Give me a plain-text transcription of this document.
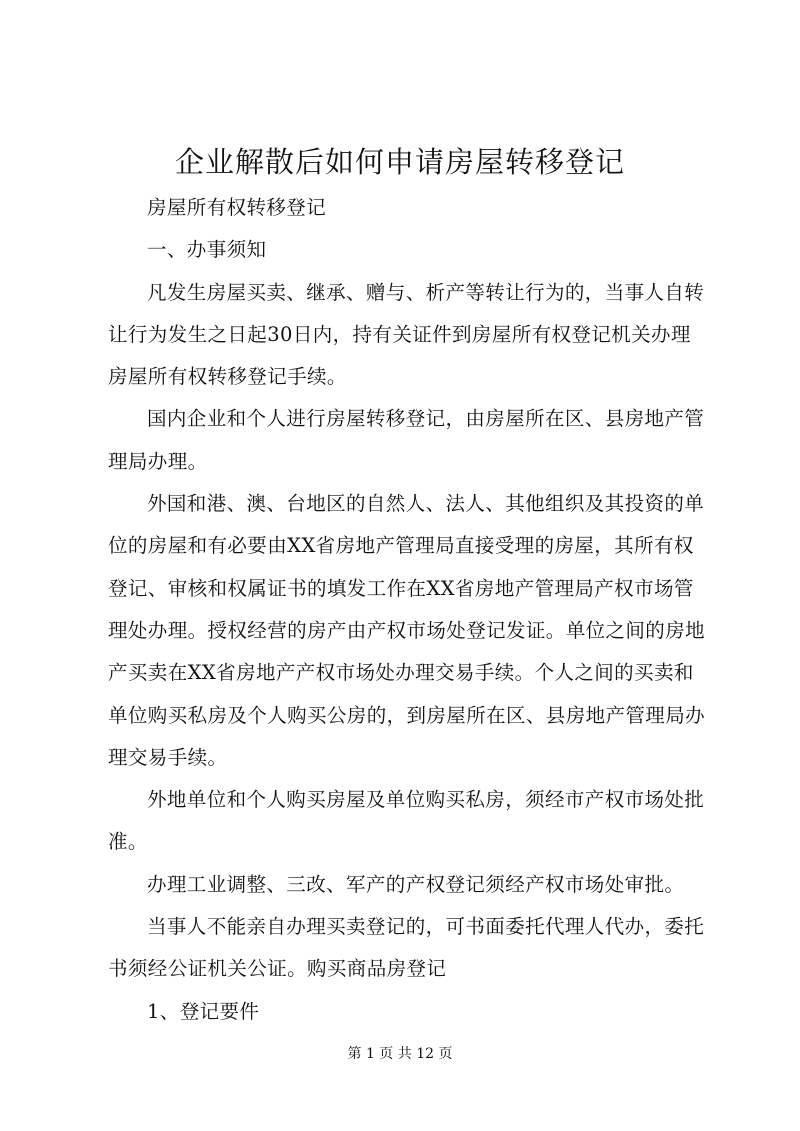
企业解散后如何申请房屋转移登记

房屋所有权转移登记

一、办事须知

凡发生房屋买卖、继承、赠与、析产等转让行为的，当事人自转让行为发生之日起30日内，持有关证件到房屋所有权登记机关办理房屋所有权转移登记手续。

国内企业和个人进行房屋转移登记，由房屋所在区、县房地产管理局办理。

外国和港、澳、台地区的自然人、法人、其他组织及其投资的单位的房屋和有必要由XX省房地产管理局直接受理的房屋，其所有权登记、审核和权属证书的填发工作在XX省房地产管理局产权市场管理处办理。授权经营的房产由产权市场处登记发证。单位之间的房地产买卖在XX省房地产产权市场处办理交易手续。个人之间的买卖和单位购买私房及个人购买公房的，到房屋所在区、县房地产管理局办理交易手续。

外地单位和个人购买房屋及单位购买私房，须经市产权市场处批准。

办理工业调整、三改、军产的产权登记须经产权市场处审批。

当事人不能亲自办理买卖登记的，可书面委托代理人代办，委托书须经公证机关公证。购买商品房登记

1、登记要件

第 1 页 共 12 页
